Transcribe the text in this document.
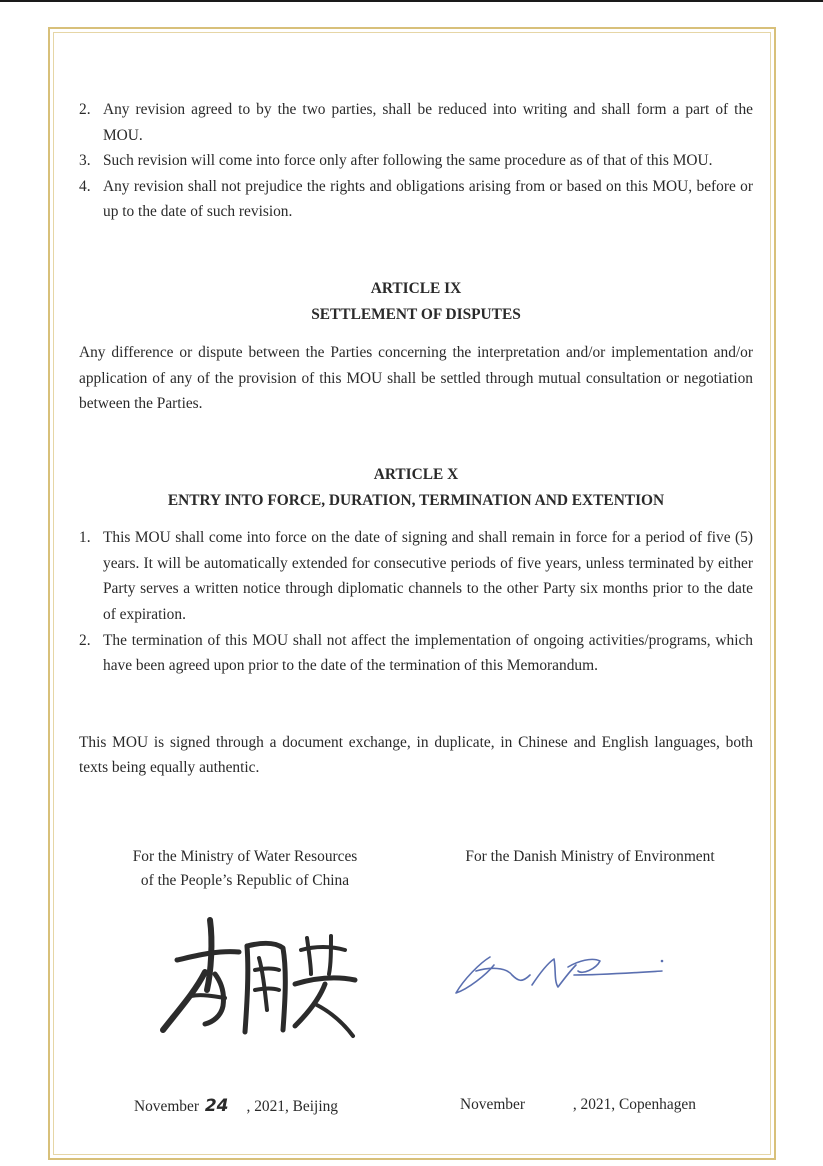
2. Any revision agreed to by the two parties, shall be reduced into writing and shall form a part of the MOU.
3. Such revision will come into force only after following the same procedure as of that of this MOU.
4. Any revision shall not prejudice the rights and obligations arising from or based on this MOU, before or up to the date of such revision.

ARTICLE IX

SETTLEMENT OF DISPUTES

Any difference or dispute between the Parties concerning the interpretation and/or implementation and/or application of any of the provision of this MOU shall be settled through mutual consultation or negotiation between the Parties.

ARTICLE X

ENTRY INTO FORCE, DURATION, TERMINATION AND EXTENTION

1. This MOU shall come into force on the date of signing and shall remain in force for a period of five (5) years. It will be automatically extended for consecutive periods of five years, unless terminated by either Party serves a written notice through diplomatic channels to the other Party six months prior to the date of expiration.
2. The termination of this MOU shall not affect the implementation of ongoing activities/programs, which have been agreed upon prior to the date of the termination of this Memorandum.

This MOU is signed through a document exchange, in duplicate, in Chinese and English languages, both texts being equally authentic.

For the Ministry of Water Resources
of the People’s Republic of China
For the Danish Ministry of Environment
November 24 , 2021, Beijing	November	, 2021, Copenhagen
